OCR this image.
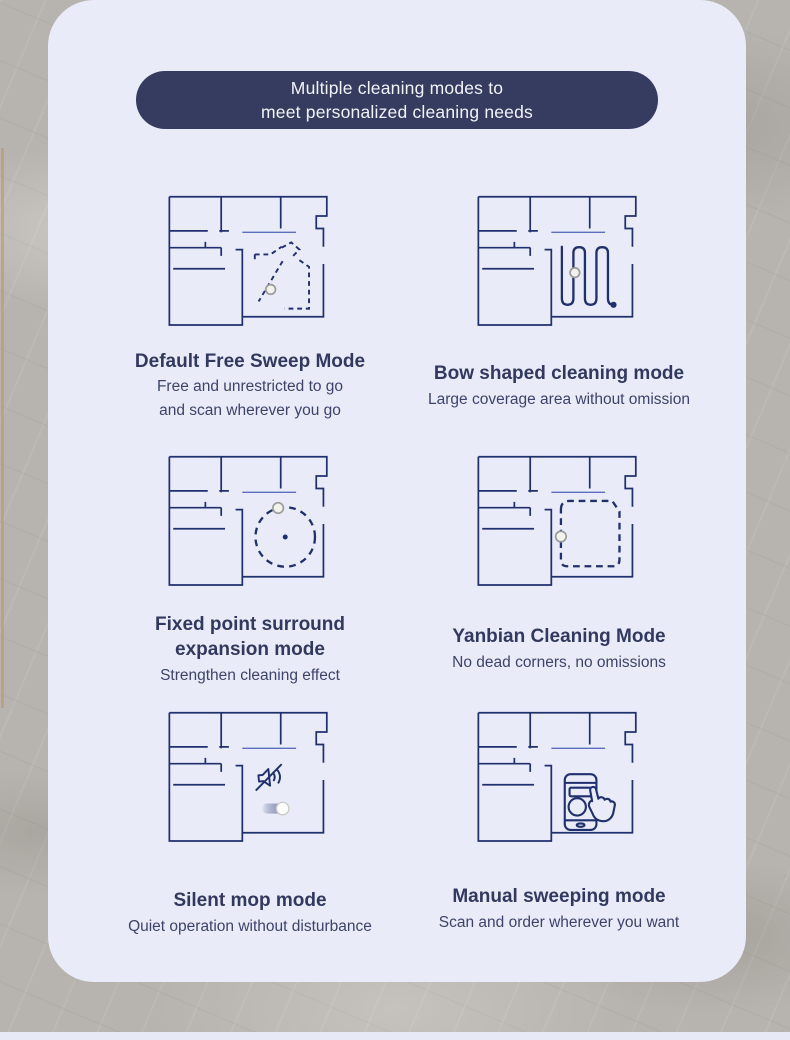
Multiple cleaning modes to
meet personalized cleaning needs
Default Free Sweep Mode

Free and unrestricted to go

and scan wherever you go

Bow shaped cleaning mode

Large coverage area without omission

Fixed point surround
expansion mode

Strengthen cleaning effect

Yanbian Cleaning Mode

No dead corners, no omissions

Silent mop mode

Quiet operation without disturbance

Manual sweeping mode

Scan and order wherever you want
